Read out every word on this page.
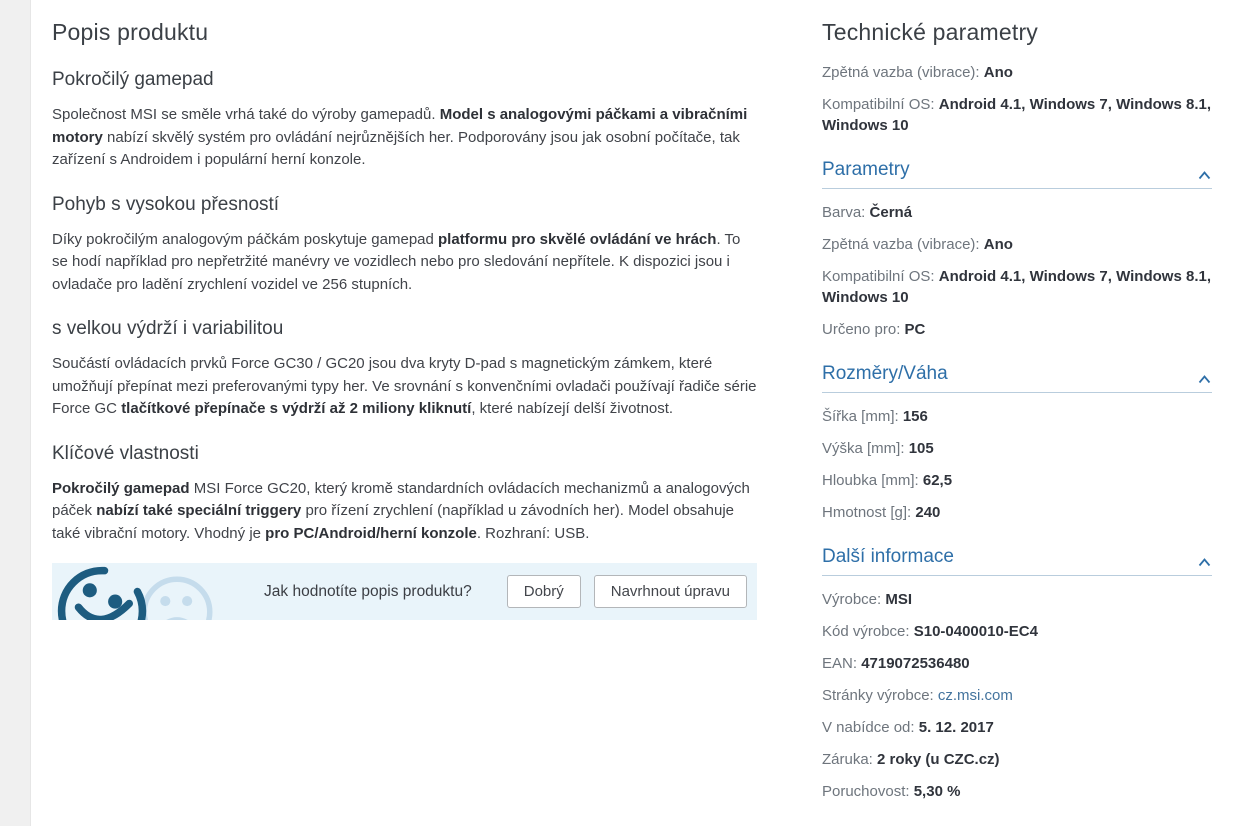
Popis produktu
Pokročilý gamepad

Společnost MSI se směle vrhá také do výroby gamepadů. Model s analogovými páčkami a vibračními motory nabízí skvělý systém pro ovládání nejrůznějších her. Podporovány jsou jak osobní počítače, tak zařízení s Androidem i populární herní konzole.

Pohyb s vysokou přesností

Díky pokročilým analogovým páčkám poskytuje gamepad platformu pro skvělé ovládání ve hrách. To se hodí například pro nepřetržité manévry ve vozidlech nebo pro sledování nepřítele. K dispozici jsou i ovladače pro ladění zrychlení vozidel ve 256 stupních.

s velkou výdrží i variabilitou

Součástí ovládacích prvků Force GC30 / GC20 jsou dva kryty D-pad s magnetickým zámkem, které umožňují přepínat mezi preferovanými typy her. Ve srovnání s konvenčními ovladači používají řadiče série Force GC tlačítkové přepínače s výdrží až 2 miliony kliknutí, které nabízejí delší životnost.

Klíčové vlastnosti

Pokročilý gamepad MSI Force GC20, který kromě standardních ovládacích mechanizmů a analogových páček nabízí také speciální triggery pro řízení zrychlení (například u závodních her). Model obsahuje také vibrační motory. Vhodný je pro PC/Android/herní konzole. Rozhraní: USB.

Jak hodnotíte popis produktu?	Dobrý	Navrhnout úpravu
Technické parametry
Zpětná vazba (vibrace): Ano
Kompatibilní OS: Android 4.1, Windows 7, Windows 8.1, Windows 10
Parametry
Barva: Černá
Zpětná vazba (vibrace): Ano
Kompatibilní OS: Android 4.1, Windows 7, Windows 8.1, Windows 10
Určeno pro: PC
Rozměry/Váha
Šířka [mm]: 156
Výška [mm]: 105
Hloubka [mm]: 62,5
Hmotnost [g]: 240
Další informace
Výrobce: MSI
Kód výrobce: S10-0400010-EC4
EAN: 4719072536480
Stránky výrobce: cz.msi.com
V nabídce od: 5. 12. 2017
Záruka: 2 roky (u CZC.cz)
Poruchovost: 5,30 %
